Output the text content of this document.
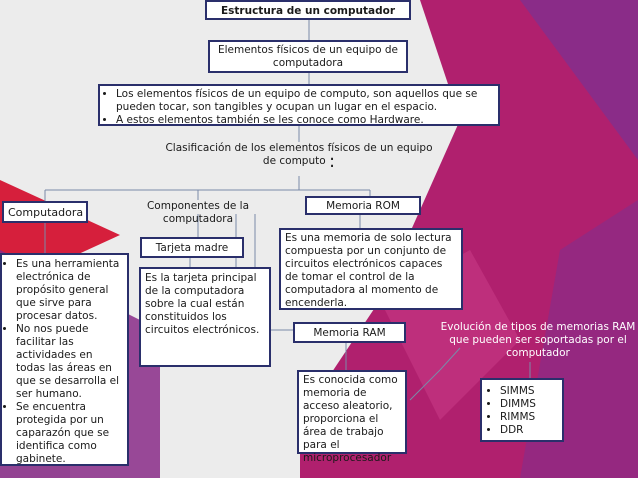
Estructura de un computador
Elementos físicos de un equipo de computadora
• Los elementos físicos de un equipo de computo, son aquellos que se pueden tocar, son tangibles y ocupan un lugar en el espacio.
• A estos elementos también se les conoce como Hardware.
Clasificación de los elementos físicos de un equipo de computo :
Computadora	Componentes de la computadora
Memoria ROM
• Es una herramienta electrónica de propósito general que sirve para procesar datos.
• No nos puede facilitar las actividades en todas las áreas en que se desarrolla el ser humano.
• Se encuentra protegida por un caparazón que se identifica como gabinete.
Tarjeta madre
Es la tarjeta principal de la computadora sobre la cual están constituidos los circuitos electrónicos.
Es una memoria de solo lectura compuesta por un conjunto de circuitos electrónicos capaces de tomar el control de la computadora al momento de encenderla.
Memoria RAM
Es conocida como memoria de acceso aleatorio, proporciona el área de trabajo para el microprocesador
Evolución de tipos de memorias RAM que pueden ser soportadas por el computador
• SIMMS
• DIMMS
• RIMMS
• DDR
